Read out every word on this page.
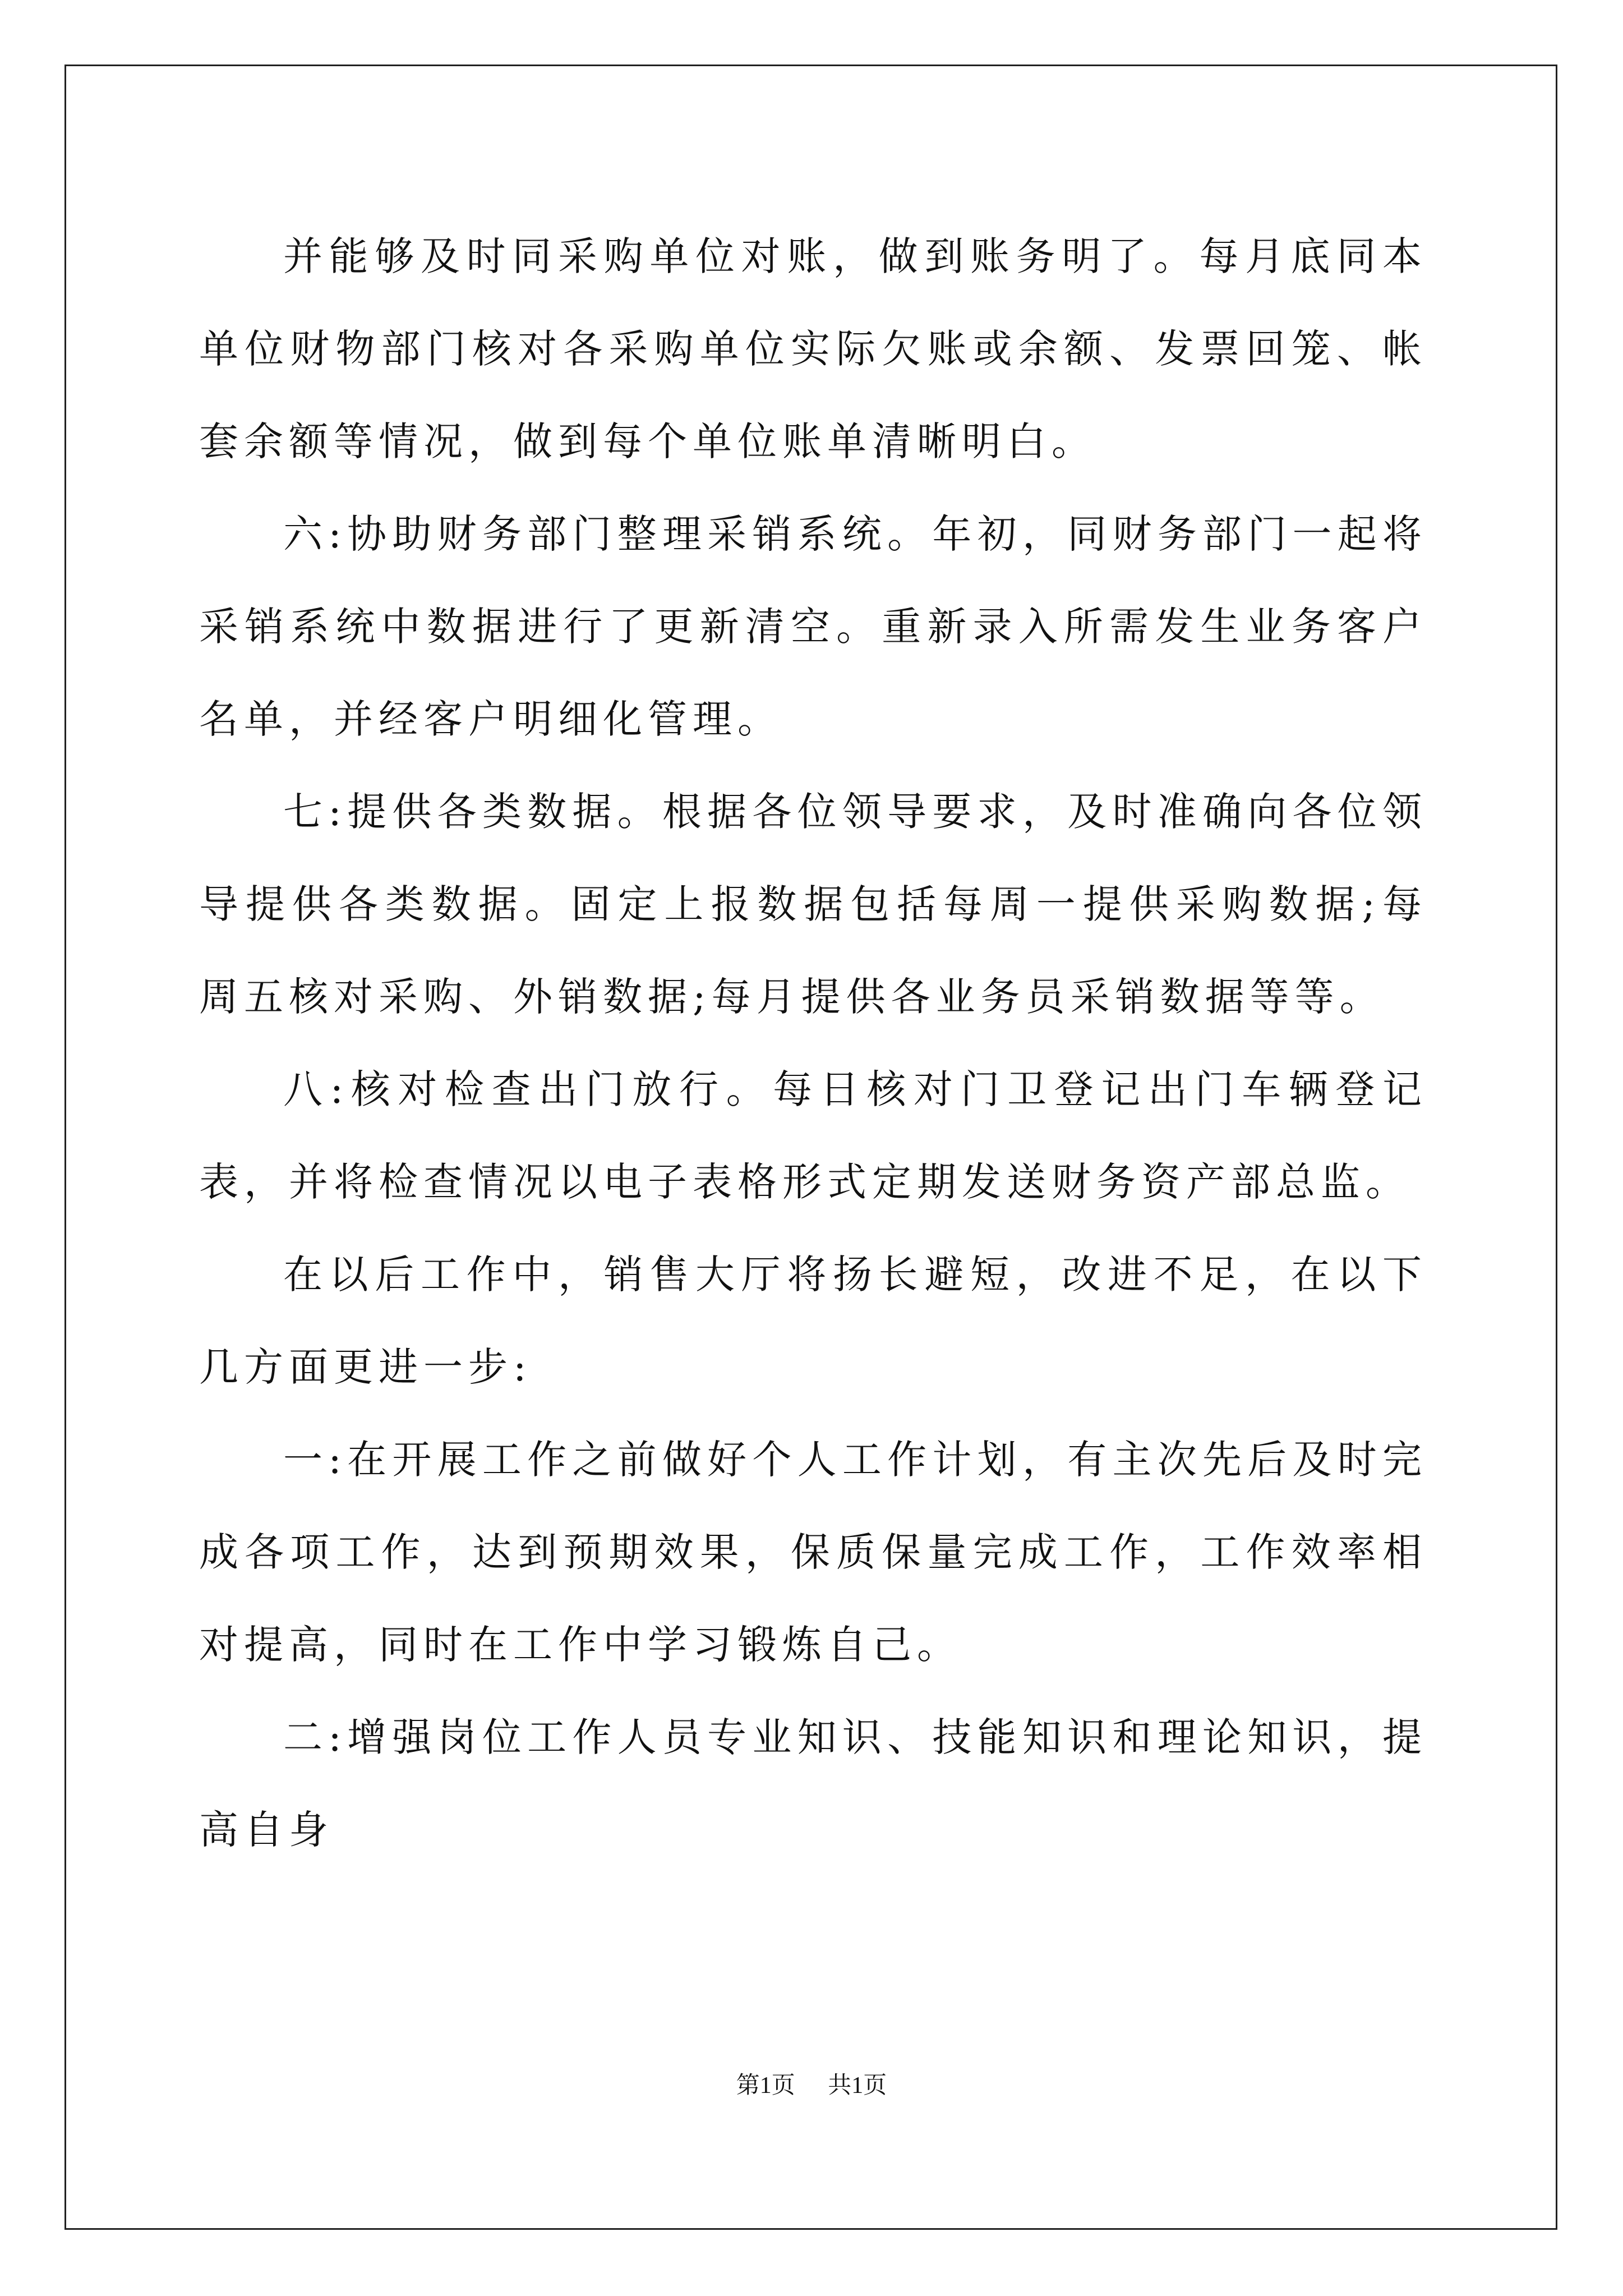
并能够及时同采购单位对账，做到账务明了。每月底同本单位财物部门核对各采购单位实际欠账或余额、发票回笼、帐套余额等情况，做到每个单位账单清晰明白。

六:协助财务部门整理采销系统。年初，同财务部门一起将采销系统中数据进行了更新清空。重新录入所需发生业务客户名单，并经客户明细化管理。

七:提供各类数据。根据各位领导要求，及时准确向各位领导提供各类数据。固定上报数据包括每周一提供采购数据;每周五核对采购、外销数据;每月提供各业务员采销数据等等。

八:核对检查出门放行。每日核对门卫登记出门车辆登记表，并将检查情况以电子表格形式定期发送财务资产部总监。

在以后工作中，销售大厅将扬长避短，改进不足，在以下几方面更进一步:

一:在开展工作之前做好个人工作计划，有主次先后及时完成各项工作，达到预期效果，保质保量完成工作，工作效率相对提高，同时在工作中学习锻炼自己。

二:增强岗位工作人员专业知识、技能知识和理论知识，提高自身

第1页 共1页
